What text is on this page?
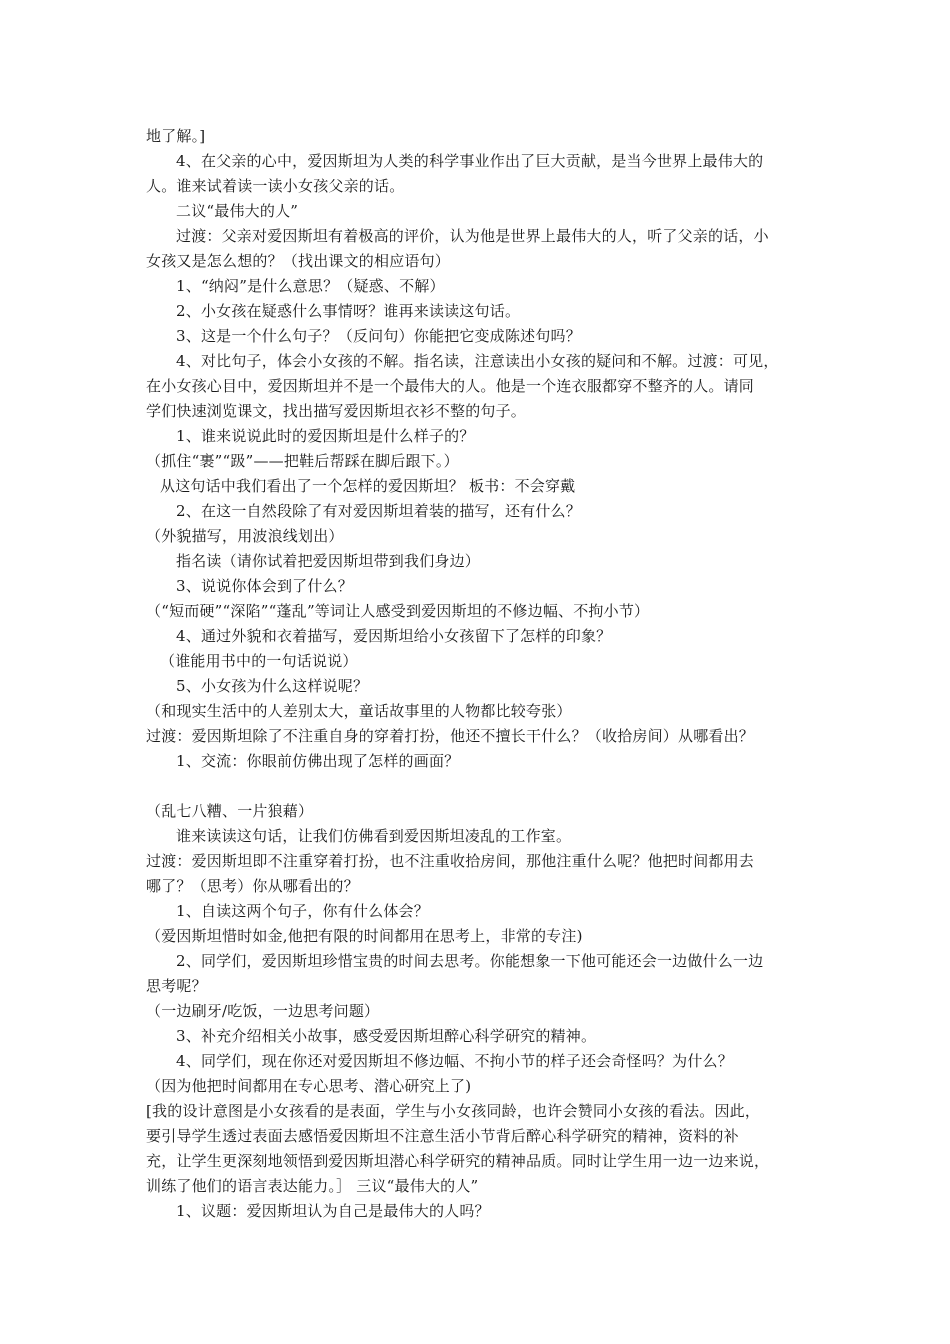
地了解。]
4、在父亲的心中，爱因斯坦为人类的科学事业作出了巨大贡献，是当今世界上最伟大的
人。谁来试着读一读小女孩父亲的话。
二议“最伟大的人”
过渡：父亲对爱因斯坦有着极高的评价，认为他是世界上最伟大的人，听了父亲的话，小
女孩又是怎么想的？（找出课文的相应语句）
1、“纳闷”是什么意思？（疑惑、不解）
2、小女孩在疑惑什么事情呀？谁再来读读这句话。
3、这是一个什么句子？（反问句）你能把它变成陈述句吗？
4、对比句子，体会小女孩的不解。指名读，注意读出小女孩的疑问和不解。过渡：可见，
在小女孩心目中，爱因斯坦并不是一个最伟大的人。他是一个连衣服都穿不整齐的人。请同
学们快速浏览课文，找出描写爱因斯坦衣衫不整的句子。
1、谁来说说此时的爱因斯坦是什么样子的？
（抓住“裹”“趿”——把鞋后帮踩在脚后跟下。）
从这句话中我们看出了一个怎样的爱因斯坦？ 板书：不会穿戴
2、在这一自然段除了有对爱因斯坦着装的描写，还有什么？
（外貌描写，用波浪线划出）
指名读（请你试着把爱因斯坦带到我们身边）
3、说说你体会到了什么？
（“短而硬”“深陷”“蓬乱”等词让人感受到爱因斯坦的不修边幅、不拘小节）
4、通过外貌和衣着描写，爱因斯坦给小女孩留下了怎样的印象？
（谁能用书中的一句话说说）
5、小女孩为什么这样说呢？
（和现实生活中的人差别太大，童话故事里的人物都比较夸张）
过渡：爱因斯坦除了不注重自身的穿着打扮，他还不擅长干什么？（收拾房间）从哪看出？
1、交流：你眼前仿佛出现了怎样的画面？
（乱七八糟、一片狼藉）
谁来读读这句话，让我们仿佛看到爱因斯坦凌乱的工作室。
过渡：爱因斯坦即不注重穿着打扮，也不注重收拾房间，那他注重什么呢？他把时间都用去
哪了？（思考）你从哪看出的？
1、自读这两个句子，你有什么体会？
（爱因斯坦惜时如金,他把有限的时间都用在思考上，非常的专注)
2、同学们，爱因斯坦珍惜宝贵的时间去思考。你能想象一下他可能还会一边做什么一边
思考呢？
（一边刷牙/吃饭，一边思考问题）
3、补充介绍相关小故事，感受爱因斯坦醉心科学研究的精神。
4、同学们，现在你还对爱因斯坦不修边幅、不拘小节的样子还会奇怪吗？为什么？
（因为他把时间都用在专心思考、潜心研究上了)
[我的设计意图是小女孩看的是表面，学生与小女孩同龄，也许会赞同小女孩的看法。因此，
要引导学生透过表面去感悟爱因斯坦不注意生活小节背后醉心科学研究的精神，资料的补
充，让学生更深刻地领悟到爱因斯坦潜心科学研究的精神品质。同时让学生用一边一边来说，
训练了他们的语言表达能力。］ 三议“最伟大的人”
1、议题：爱因斯坦认为自己是最伟大的人吗？
